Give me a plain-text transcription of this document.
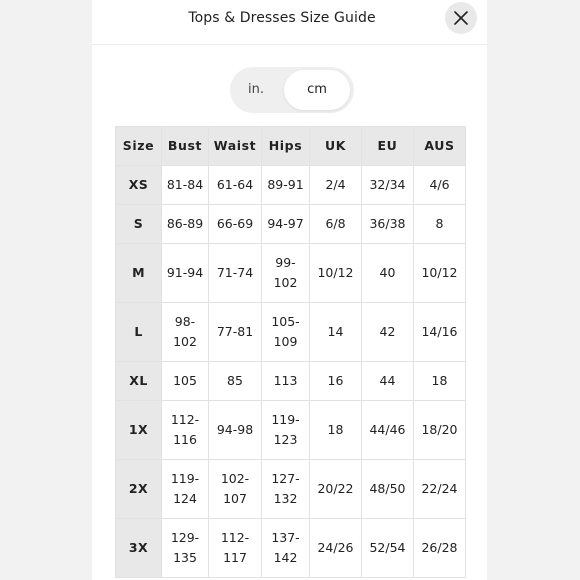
Tops & Dresses Size Guide
in.	cm
Size	Bust	Waist	Hips	UK	EU	AUS
XS	81-84	61-64	89-91	2/4	32/34	4/6
S	86-89	66-69	94-97	6/8	36/38	8
M	91-94	71-74	99-102	10/12	40	10/12
L	98-102	77-81	105-109	14	42	14/16
XL	105	85	113	16	44	18
1X	112-116	94-98	119-123	18	44/46	18/20
2X	119-124	102-107	127-132	20/22	48/50	22/24
3X	129-135	112-117	137-142	24/26	52/54	26/28
